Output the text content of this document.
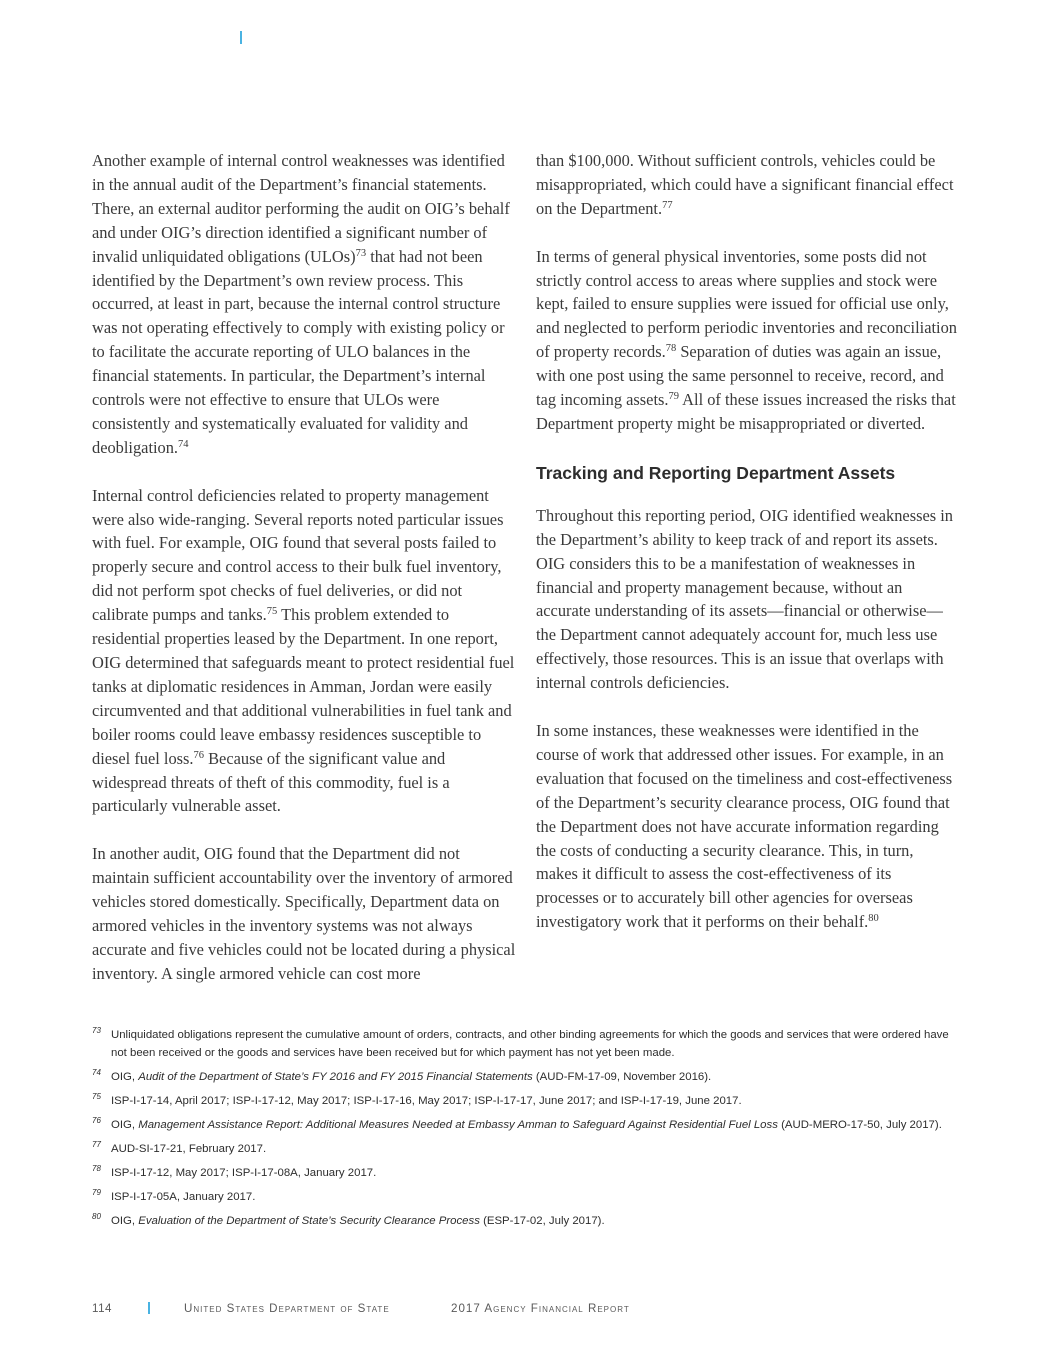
Another example of internal control weaknesses was identified in the annual audit of the Department’s financial statements. There, an external auditor performing the audit on OIG’s behalf and under OIG’s direction identified a significant number of invalid unliquidated obligations (ULOs)$^{73}$ that had not been identified by the Department’s own review process. This occurred, at least in part, because the internal control structure was not operating effectively to comply with existing policy or to facilitate the accurate reporting of ULO balances in the financial statements. In particular, the Department’s internal controls were not effective to ensure that ULOs were consistently and systematically evaluated for validity and deobligation.$^{74}$

Internal control deficiencies related to property management were also wide-ranging. Several reports noted particular issues with fuel. For example, OIG found that several posts failed to properly secure and control access to their bulk fuel inventory, did not perform spot checks of fuel deliveries, or did not calibrate pumps and tanks.$^{75}$ This problem extended to residential properties leased by the Department. In one report, OIG determined that safeguards meant to protect residential fuel tanks at diplomatic residences in Amman, Jordan were easily circumvented and that additional vulnerabilities in fuel tank and boiler rooms could leave embassy residences susceptible to diesel fuel loss.$^{76}$ Because of the significant value and widespread threats of theft of this commodity, fuel is a particularly vulnerable asset.

In another audit, OIG found that the Department did not maintain sufficient accountability over the inventory of armored vehicles stored domestically. Specifically, Department data on armored vehicles in the inventory systems was not always accurate and five vehicles could not be located during a physical inventory. A single armored vehicle can cost more

than $100,000. Without sufficient controls, vehicles could be misappropriated, which could have a significant financial effect on the Department.$^{77}$

In terms of general physical inventories, some posts did not strictly control access to areas where supplies and stock were kept, failed to ensure supplies were issued for official use only, and neglected to perform periodic inventories and reconciliation of property records.$^{78}$ Separation of duties was again an issue, with one post using the same personnel to receive, record, and tag incoming assets.$^{79}$ All of these issues increased the risks that Department property might be misappropriated or diverted.

Tracking and Reporting Department Assets

Throughout this reporting period, OIG identified weaknesses in the Department’s ability to keep track of and report its assets. OIG considers this to be a manifestation of weaknesses in financial and property management because, without an accurate understanding of its assets—financial or otherwise—the Department cannot adequately account for, much less use effectively, those resources. This is an issue that overlaps with internal controls deficiencies.

In some instances, these weaknesses were identified in the course of work that addressed other issues. For example, in an evaluation that focused on the timeliness and cost-effectiveness of the Department’s security clearance process, OIG found that the Department does not have accurate information regarding the costs of conducting a security clearance. This, in turn, makes it difficult to assess the cost-effectiveness of its processes or to accurately bill other agencies for overseas investigatory work that it performs on their behalf.$^{80}$

73 Unliquidated obligations represent the cumulative amount of orders, contracts, and other binding agreements for which the goods and services that were ordered have not been received or the goods and services have been received but for which payment has not yet been made.
74 OIG, Audit of the Department of State’s FY 2016 and FY 2015 Financial Statements (AUD-FM-17-09, November 2016).
75 ISP-I-17-14, April 2017; ISP-I-17-12, May 2017; ISP-I-17-16, May 2017; ISP-I-17-17, June 2017; and ISP-I-17-19, June 2017.
76 OIG, Management Assistance Report: Additional Measures Needed at Embassy Amman to Safeguard Against Residential Fuel Loss (AUD-MERO-17-50, July 2017).
77 AUD-SI-17-21, February 2017.
78 ISP-I-17-12, May 2017; ISP-I-17-08A, January 2017.
79 ISP-I-17-05A, January 2017.
80 OIG, Evaluation of the Department of State’s Security Clearance Process (ESP-17-02, July 2017).
114	United States Department of State	2017 Agency Financial Report
